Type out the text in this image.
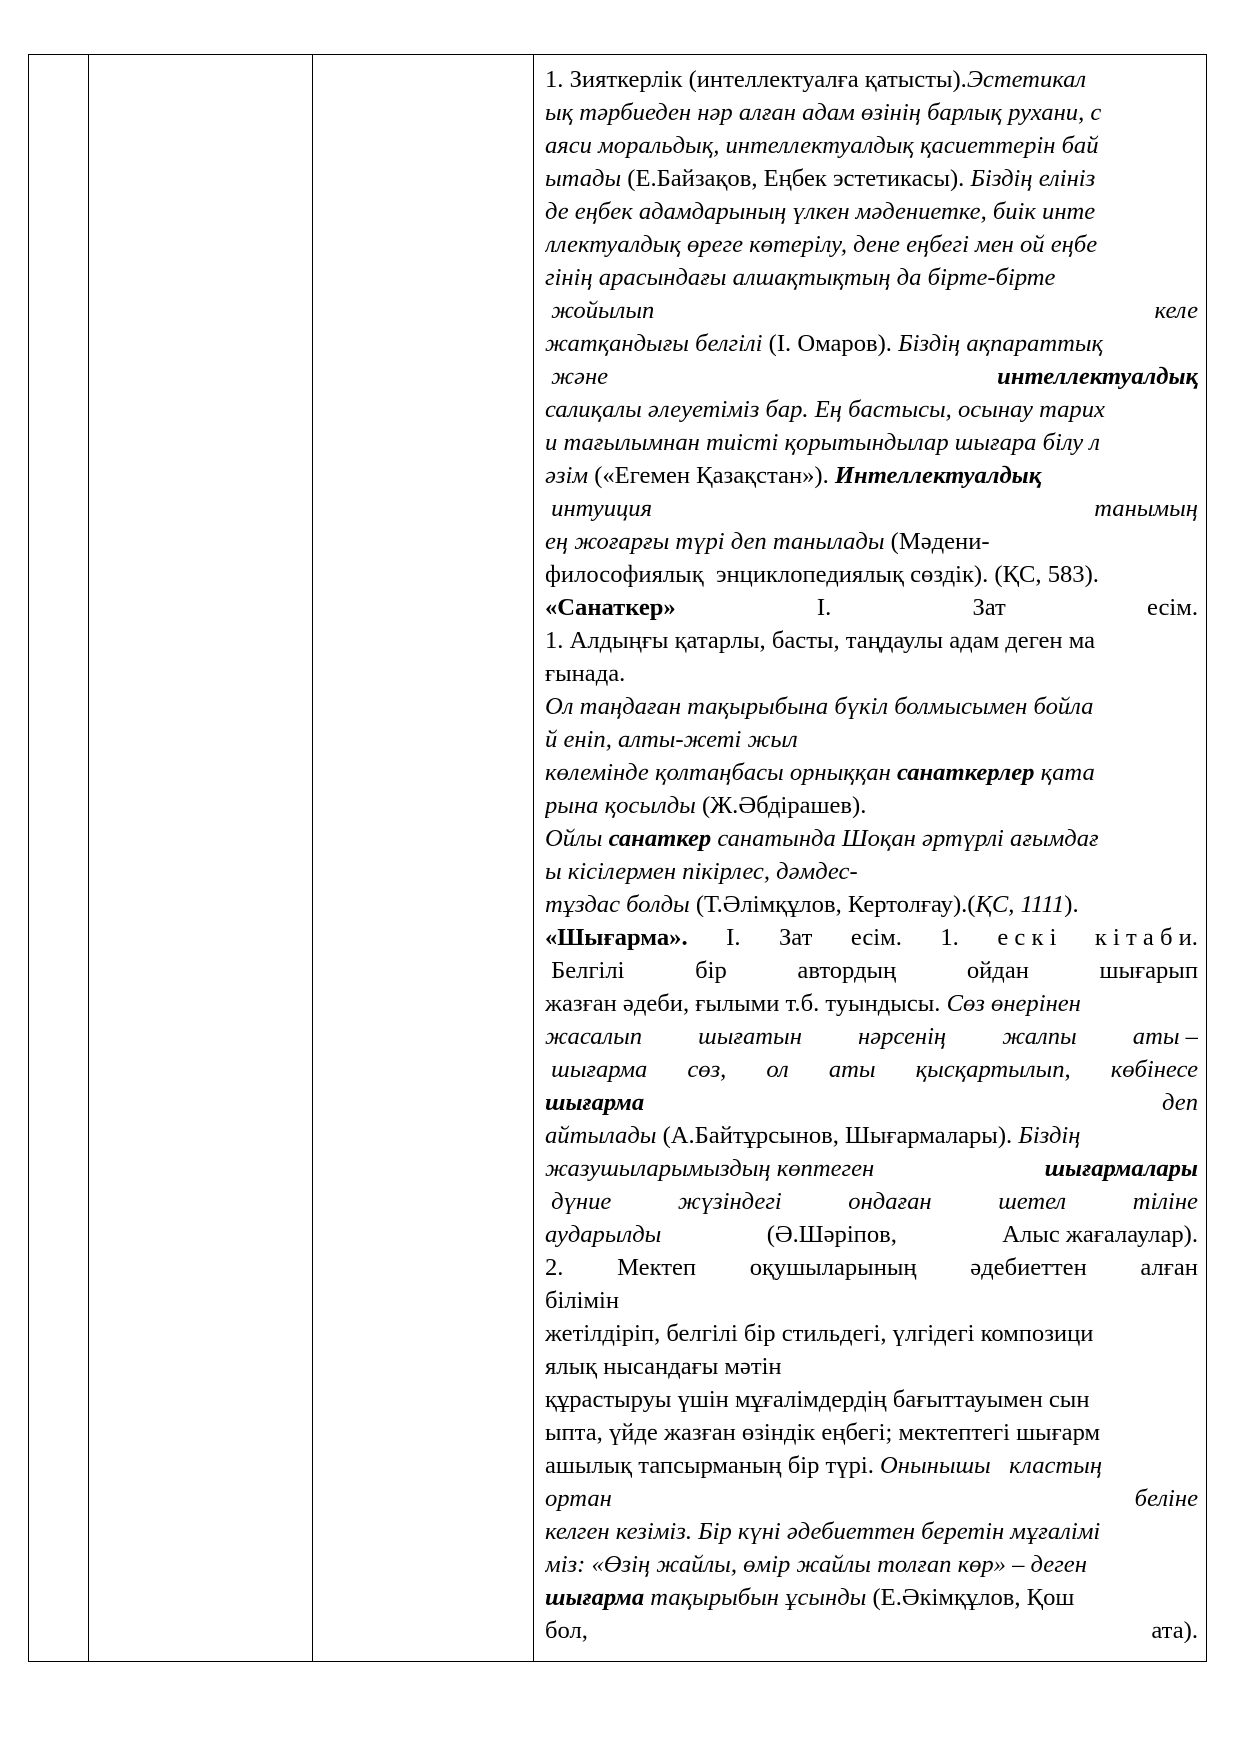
1. Зияткерлік (интеллектуалға қатысты).Эстетикал
ық тәрбиеден нәр алған адам өзінің барлық рухани, с
аяси моральдық, интеллектуалдық қасиеттерін бай
ытады (Е.Байзақов, Еңбек эстетикасы). Біздің елініз
де еңбек адамдарының үлкен мәдениетке, биік инте
ллектуалдық өреге көтерілу, дене еңбегі мен ой еңбе
гінің арасындағы алшақтықтың да бірте-бірте
жойылып	келе
жатқандығы белгілі (І. Омаров). Біздің ақпараттық
және	интеллектуалдық
салиқалы әлеуетіміз бар. Ең бастысы, осынау тарих
и тағылымнан тиісті қорытындылар шығара білу л
әзім («Егемен Қазақстан»). Интеллектуалдық
интуиция	танымың
ең жоғарғы түрі деп танылады (Мәдени-
философиялық  энциклопедиялық сөздік). (ҚС, 583).
«Санаткер»	І.	Зат	есім.
1. Алдыңғы қатарлы, басты, таңдаулы адам деген ма
ғынада.
Ол таңдаған тақырыбына бүкіл болмысымен бойла
й еніп, алты-жеті жыл
көлемінде қолтаңбасы орныққан санаткерлер қата
рына қосылды (Ж.Әбдірашев).
Ойлы санаткер санатында Шоқан әртүрлі ағымдағ
ы кісілермен пікірлес, дәмдес-
тұздас болды (Т.Әлімқұлов, Кертолғау).(ҚС, 1111).
«Шығарма». І. Зат есім. 1. е с к і к і т а б и.
Белгілі	бір	автордың	ойдан	шығарып
жазған әдеби, ғылыми т.б. туындысы. Сөз өнерінен
жасалып шығатын нәрсенің жалпы аты –
шығарма сөз, ол аты қысқартылып, көбінесе
шығарма	деп
айтылады (А.Байтұрсынов, Шығармалары). Біздің
жазушыларымыздың көптеген	шығармалары
дүние	жүзіндегі	ондаған	шетел	тіліне
аударылды	(Ә.Шәріпов,	Алыс жағалаулар).
2. Мектеп оқушыларының әдебиеттен алған
білімін
жетілдіріп, белгілі бір стильдегі, үлгідегі композици
ялық нысандағы мәтін
құрастыруы үшін мұғалімдердің бағыттауымен сын
ыпта, үйде жазған өзіндік еңбегі; мектептегі шығарм
ашылық тапсырманың бір түрі. Онынышы кластың
ортан	беліне
келген кезіміз. Бір күні әдебиеттен беретін мұғалімі
міз: «Өзің жайлы, өмір жайлы толғап көр» – деген
шығарма тақырыбын ұсынды (Е.Әкімқұлов, Қош
бол,	ата).
